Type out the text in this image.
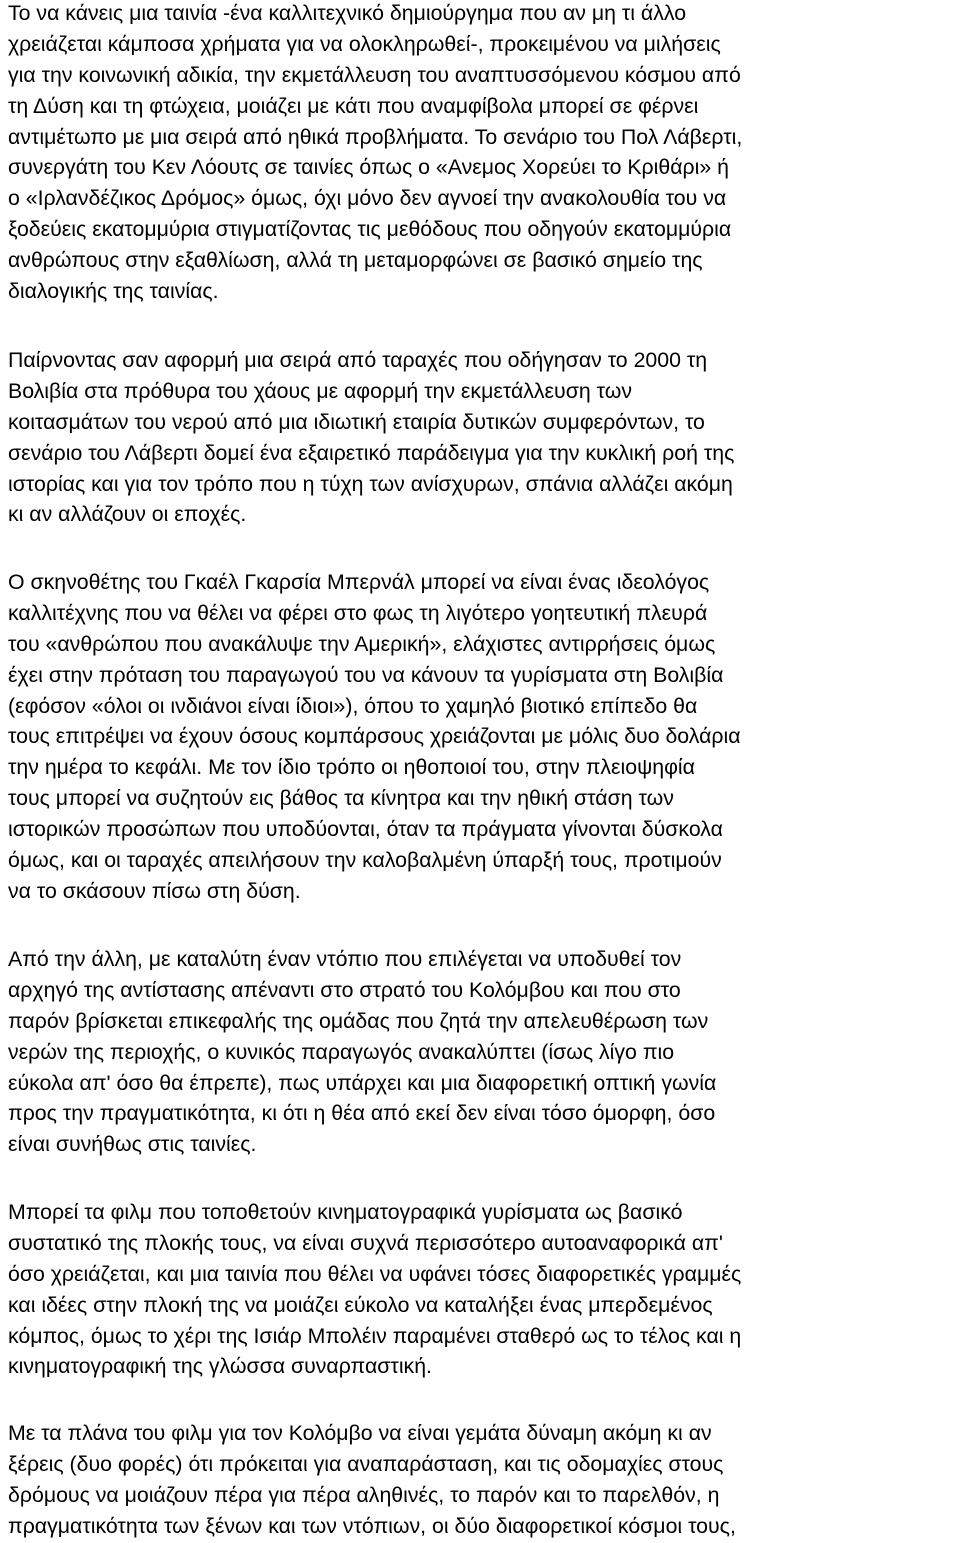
Το να κάνεις μια ταινία -ένα καλλιτεχνικό δημιούργημα που αν μη τι άλλο
χρειάζεται κάμποσα χρήματα για να ολοκληρωθεί-, προκειμένου να μιλήσεις
για την κοινωνική αδικία, την εκμετάλλευση του αναπτυσσόμενου κόσμου από
τη Δύση και τη φτώχεια, μοιάζει με κάτι που αναμφίβολα μπορεί σε φέρνει
αντιμέτωπο με μια σειρά από ηθικά προβλήματα. Το σενάριο του Πολ Λάβερτι,
συνεργάτη του Κεν Λόουτς σε ταινίες όπως ο «Ανεμος Χορεύει το Κριθάρι» ή
ο «Ιρλανδέζικος Δρόμος» όμως, όχι μόνο δεν αγνοεί την ανακολουθία του να
ξοδεύεις εκατομμύρια στιγματίζοντας τις μεθόδους που οδηγούν εκατομμύρια
ανθρώπους στην εξαθλίωση, αλλά τη μεταμορφώνει σε βασικό σημείο της
διαλογικής της ταινίας.

Παίρνοντας σαν αφορμή μια σειρά από ταραχές που οδήγησαν το 2000 τη
Βολιβία στα πρόθυρα του χάους με αφορμή την εκμετάλλευση των
κοιτασμάτων του νερού από μια ιδιωτική εταιρία δυτικών συμφερόντων, το
σενάριο του Λάβερτι δομεί ένα εξαιρετικό παράδειγμα για την κυκλική ροή της
ιστορίας και για τον τρόπο που η τύχη των ανίσχυρων, σπάνια αλλάζει ακόμη
κι αν αλλάζουν οι εποχές.

Ο σκηνοθέτης του Γκαέλ Γκαρσία Μπερνάλ μπορεί να είναι ένας ιδεολόγος
καλλιτέχνης που να θέλει να φέρει στο φως τη λιγότερο γοητευτική πλευρά
του «ανθρώπου που ανακάλυψε την Αμερική», ελάχιστες αντιρρήσεις όμως
έχει στην πρόταση του παραγωγού του να κάνουν τα γυρίσματα στη Βολιβία
(εφόσον «όλοι οι ινδιάνοι είναι ίδιοι»), όπου το χαμηλό βιοτικό επίπεδο θα
τους επιτρέψει να έχουν όσους κομπάρσους χρειάζονται με μόλις δυο δολάρια
την ημέρα το κεφάλι. Με τον ίδιο τρόπο οι ηθοποιοί του, στην πλειοψηφία
τους μπορεί να συζητούν εις βάθος τα κίνητρα και την ηθική στάση των
ιστορικών προσώπων που υποδύονται, όταν τα πράγματα γίνονται δύσκολα
όμως, και οι ταραχές απειλήσουν την καλοβαλμένη ύπαρξή τους, προτιμούν
να το σκάσουν πίσω στη δύση.

Από την άλλη, με καταλύτη έναν ντόπιο που επιλέγεται να υποδυθεί τον
αρχηγό της αντίστασης απέναντι στο στρατό του Κολόμβου και που στο
παρόν βρίσκεται επικεφαλής της ομάδας που ζητά την απελευθέρωση των
νερών της περιοχής, ο κυνικός παραγωγός ανακαλύπτει (ίσως λίγο πιο
εύκολα απ' όσο θα έπρεπε), πως υπάρχει και μια διαφορετική οπτική γωνία
προς την πραγματικότητα, κι ότι η θέα από εκεί δεν είναι τόσο όμορφη, όσο
είναι συνήθως στις ταινίες.

Μπορεί τα φιλμ που τοποθετούν κινηματογραφικά γυρίσματα ως βασικό
συστατικό της πλοκής τους, να είναι συχνά περισσότερο αυτοαναφορικά απ'
όσο χρειάζεται, και μια ταινία που θέλει να υφάνει τόσες διαφορετικές γραμμές
και ιδέες στην πλοκή της να μοιάζει εύκολο να καταλήξει ένας μπερδεμένος
κόμπος, όμως το χέρι της Ισιάρ Μπολέιν παραμένει σταθερό ως το τέλος και η
κινηματογραφική της γλώσσα συναρπαστική.

Με τα πλάνα του φιλμ για τον Κολόμβο να είναι γεμάτα δύναμη ακόμη κι αν
ξέρεις (δυο φορές) ότι πρόκειται για αναπαράσταση, και τις οδομαχίες στους
δρόμους να μοιάζουν πέρα για πέρα αληθινές, το παρόν και το παρελθόν, η
πραγματικότητα των ξένων και των ντόπιων, οι δύο διαφορετικοί κόσμοι τους,
